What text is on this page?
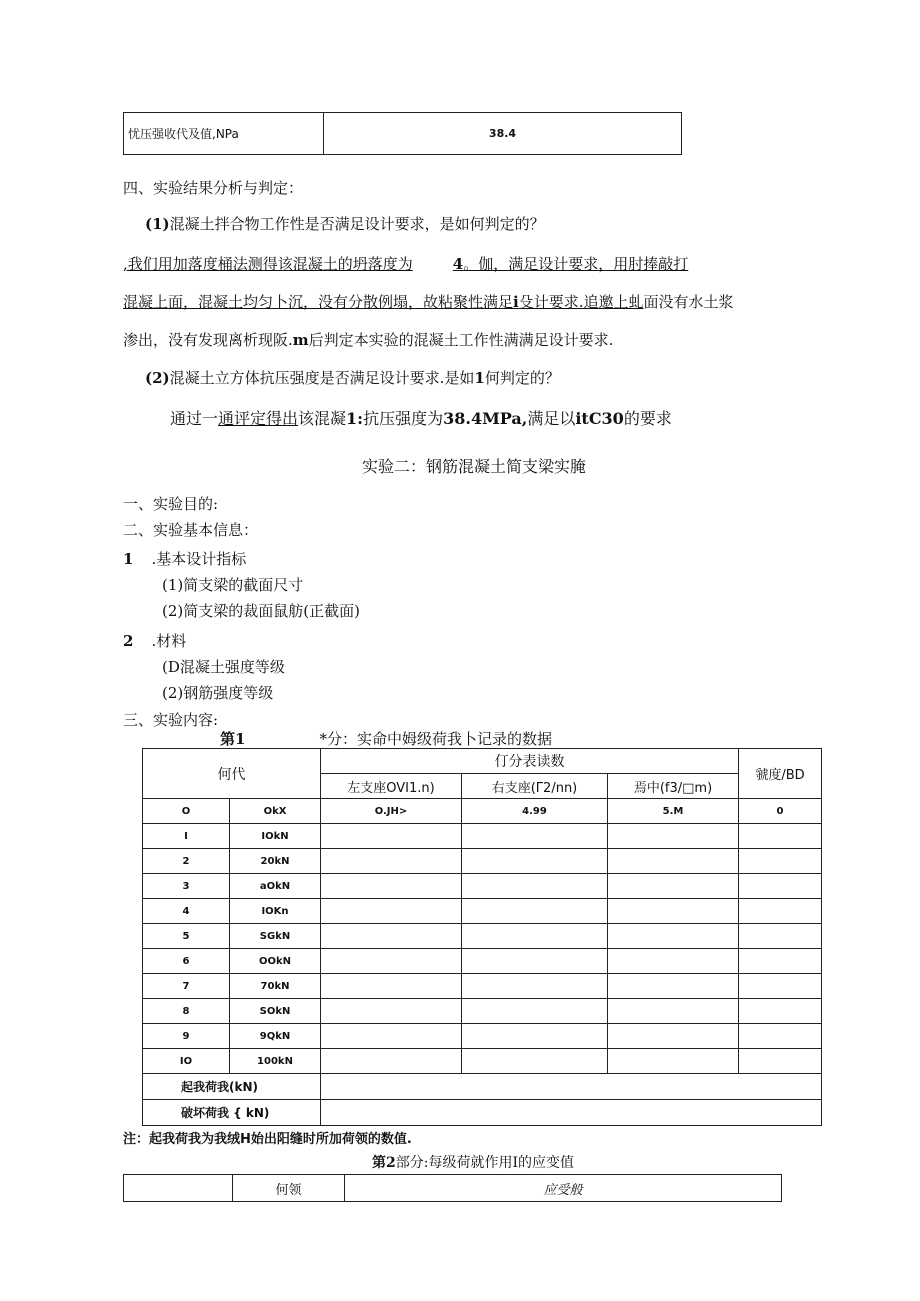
忧压强收代及值,NPa	38.4
四、实验结果分析与判定：
(1)混凝土拌合物工作性是否满足设计要求，是如何判定的？
,我们用加落度桶法测得该混凝土的坍落度为	4。伽，满足设计要求，用肘捧敲打
混凝上面，混凝土均匀卜沉，没有分散例塌，故粘聚性满足i殳计要求.追邀上虬面没有水土浆
渗出，没有发现离析现阪.m后判定本实验的混凝土工作性满满足设计要求.
(2)混凝土立方体抗压强度是否满足设计要求.是如1何判定的？
通过一通评定得出该混凝1:抗压强度为38.4MPa,满足以itC30的要求
实验二：钢筋混凝土简支梁实腌
一、实验目的:
二、实验基本信息：
1 .基本设计指标
(1)简支梁的截面尺寸
(2)简支梁的裁面鼠舫(正截面)
2 .材料
(D混凝土强度等级
(2)钢筋强度等级
三、实验内容:
第1	*分：实命中姆级荷我卜记录的数据
何代		仃分表读数			虢度/BD
		左支座OVI1.n)	右支座(Γ2/nn)	焉中(f3/□m)	
O	OkX	O.JH>	4.99	5.M	0
I	IOkN				
2	20kN				
3	aOkN				
4	IOKn				
5	SGkN				
6	OOkN				
7	70kN				
8	SOkN				
9	9QkN				
IO	100kN				
起我荷我(kN)					
破坏荷我 { kN)					
注：起我荷我为我绒H始出阳缝时所加荷领的数值.
第2部分:每级荷就作用I的应变值
	何领	应受般
